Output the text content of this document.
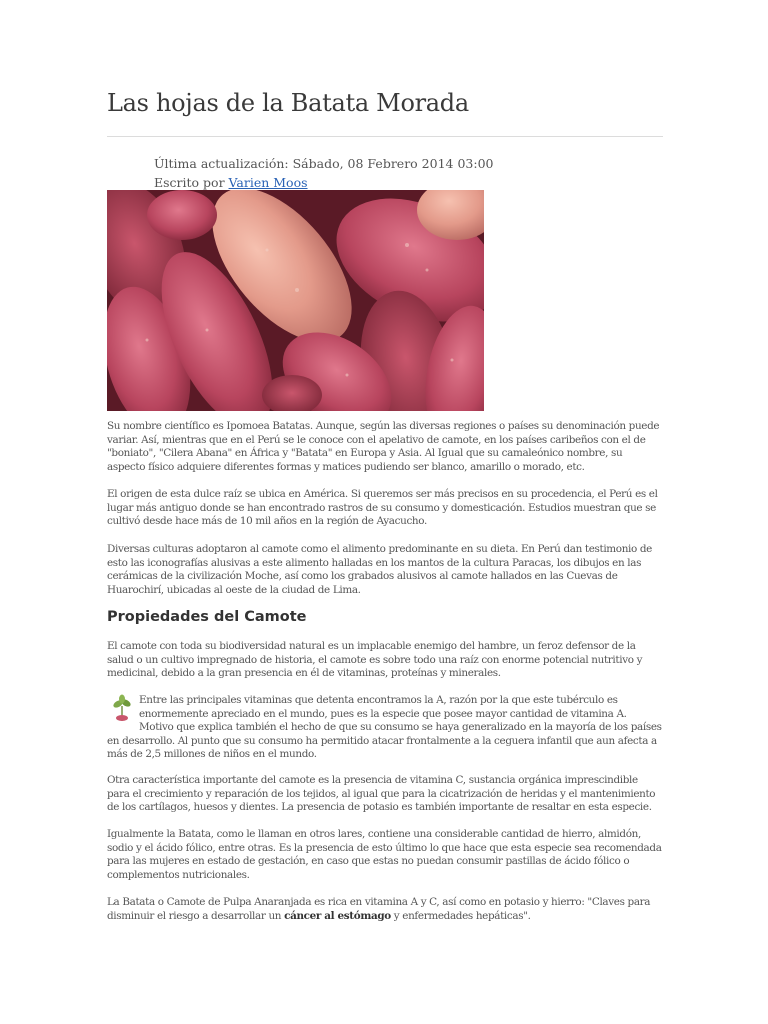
Las hojas de la Batata Morada
Última actualización: Sábado, 08 Febrero 2014 03:00
Escrito por Varien Moos

Su nombre científico es Ipomoea Batatas. Aunque, según las diversas regiones o países su denominación puede variar. Así, mientras que en el Perú se le conoce con el apelativo de camote, en los países caribeños con el de "boniato", "Cilera Abana" en África y "Batata" en Europa y Asia. Al Igual que su camaleónico nombre, su aspecto físico adquiere diferentes formas y matices pudiendo ser blanco, amarillo o morado, etc.

El origen de esta dulce raíz se ubica en América. Si queremos ser más precisos en su procedencia, el Perú es el lugar más antiguo donde se han encontrado rastros de su consumo y domesticación. Estudios muestran que se cultivó desde hace más de 10 mil años en la región de Ayacucho.

Diversas culturas adoptaron al camote como el alimento predominante en su dieta. En Perú dan testimonio de esto las iconografías alusivas a este alimento halladas en los mantos de la cultura Paracas, los dibujos en las cerámicas de la civilización Moche, así como los grabados alusivos al camote hallados en las Cuevas de Huarochirí, ubicadas al oeste de la ciudad de Lima.

Propiedades del Camote

El camote con toda su biodiversidad natural es un implacable enemigo del hambre, un feroz defensor de la salud o un cultivo impregnado de historia, el camote es sobre todo una raíz con enorme potencial nutritivo y medicinal, debido a la gran presencia en él de vitaminas, proteínas y minerales.

Entre las principales vitaminas que detenta encontramos la A, razón por la que este tubérculo es enormemente apreciado en el mundo, pues es la especie que posee mayor cantidad de vitamina A. Motivo que explica también el hecho de que su consumo se haya generalizado en la mayoría de los países en desarrollo. Al punto que su consumo ha permitido atacar frontalmente a la ceguera infantil que aun afecta a más de 2,5 millones de niños en el mundo.

Otra característica importante del camote es la presencia de vitamina C, sustancia orgánica imprescindible para el crecimiento y reparación de los tejidos, al igual que para la cicatrización de heridas y el mantenimiento de los cartílagos, huesos y dientes. La presencia de potasio es también importante de resaltar en esta especie.

Igualmente la Batata, como le llaman en otros lares, contiene una considerable cantidad de hierro, almidón, sodio y el ácido fólico, entre otras. Es la presencia de esto último lo que hace que esta especie sea recomendada para las mujeres en estado de gestación, en caso que estas no puedan consumir pastillas de ácido fólico o complementos nutricionales.

La Batata o Camote de Pulpa Anaranjada es rica en vitamina A y C, así como en potasio y hierro: "Claves para disminuir el riesgo a desarrollar un cáncer al estómago y enfermedades hepáticas".
